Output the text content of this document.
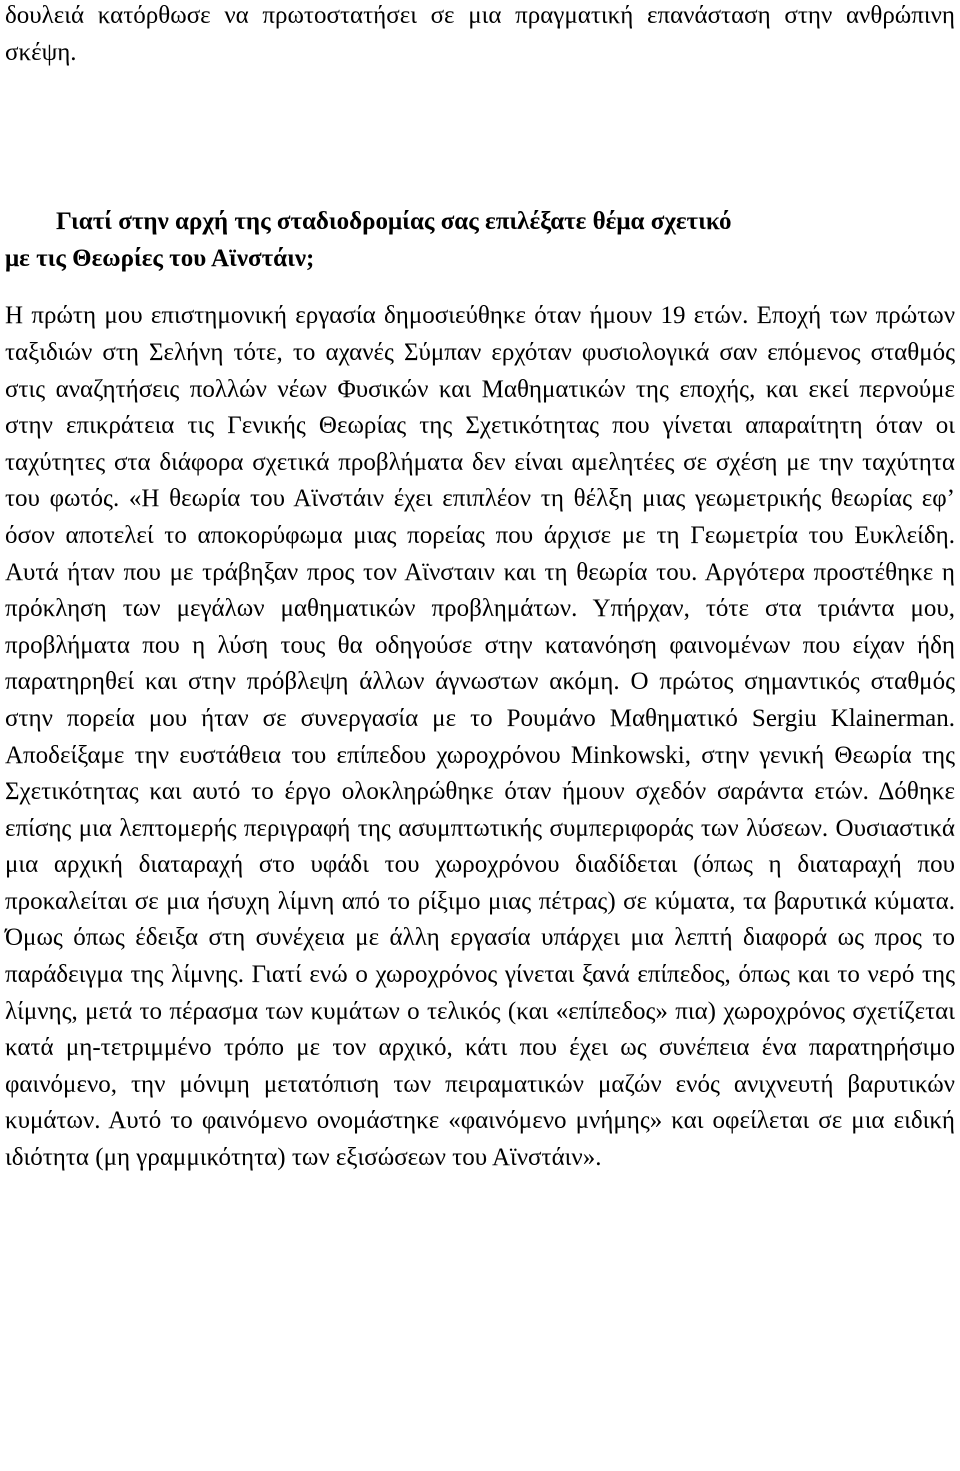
δουλειά κατόρθωσε να πρωτοστατήσει σε μια πραγματική επανάσταση στην ανθρώπινη σκέψη.

Γιατί στην αρχή της σταδιοδρομίας σας επιλέξατε θέμα σχετικό
με τις Θεωρίες του Αϊνστάιν;

Η πρώτη μου επιστημονική εργασία δημοσιεύθηκε όταν ήμουν 19 ετών. Εποχή των πρώτων ταξιδιών στη Σελήνη τότε, το αχανές Σύμπαν ερχόταν φυσιολογικά σαν επόμενος σταθμός στις αναζητήσεις πολλών νέων Φυσικών και Μαθηματικών της εποχής, και εκεί περνούμε στην επικράτεια τις Γενικής Θεωρίας της Σχετικότητας που γίνεται απαραίτητη όταν οι ταχύτητες στα διάφορα σχετικά προβλήματα δεν είναι αμελητέες σε σχέση με την ταχύτητα του φωτός. «Η θεωρία του Αϊνστάιν έχει επιπλέον τη θέλξη μιας γεωμετρικής θεωρίας εφ’ όσον αποτελεί το αποκορύφωμα μιας πορείας που άρχισε με τη Γεωμετρία του Ευκλείδη. Αυτά ήταν που με τράβηξαν προς τον Αϊνσταιν και τη θεωρία του. Αργότερα προστέθηκε η πρόκληση των μεγάλων μαθηματικών προβλημάτων. Υπήρχαν, τότε στα τριάντα μου, προβλήματα που η λύση τους θα οδηγούσε στην κατανόηση φαινομένων που είχαν ήδη παρατηρηθεί και στην πρόβλεψη άλλων άγνωστων ακόμη. Ο πρώτος σημαντικός σταθμός στην πορεία μου ήταν σε συνεργασία με το Ρουμάνο Μαθηματικό Sergiu Klainerman. Αποδείξαμε την ευστάθεια του επίπεδου χωροχρόνου Minkowski, στην γενική Θεωρία της Σχετικότητας και αυτό το έργο ολοκληρώθηκε όταν ήμουν σχεδόν σαράντα ετών. Δόθηκε επίσης μια λεπτομερής περιγραφή της ασυμπτωτικής συμπεριφοράς των λύσεων. Ουσιαστικά μια αρχική διαταραχή στο υφάδι του χωροχρόνου διαδίδεται (όπως η διαταραχή που προκαλείται σε μια ήσυχη λίμνη από το ρίξιμο μιας πέτρας) σε κύματα, τα βαρυτικά κύματα. Όμως όπως έδειξα στη συνέχεια με άλλη εργασία υπάρχει μια λεπτή διαφορά ως προς το παράδειγμα της λίμνης. Γιατί ενώ ο χωροχρόνος γίνεται ξανά επίπεδος, όπως και το νερό της λίμνης, μετά το πέρασμα των κυμάτων ο τελικός (και «επίπεδος» πια) χωροχρόνος σχετίζεται κατά μη-τετριμμένο τρόπο με τον αρχικό, κάτι που έχει ως συνέπεια ένα παρατηρήσιμο φαινόμενο, την μόνιμη μετατόπιση των πειραματικών μαζών ενός ανιχνευτή βαρυτικών κυμάτων. Αυτό το φαινόμενο ονομάστηκε «φαινόμενο μνήμης» και οφείλεται σε μια ειδική ιδιότητα (μη γραμμικότητα) των εξισώσεων του Αϊνστάιν».
